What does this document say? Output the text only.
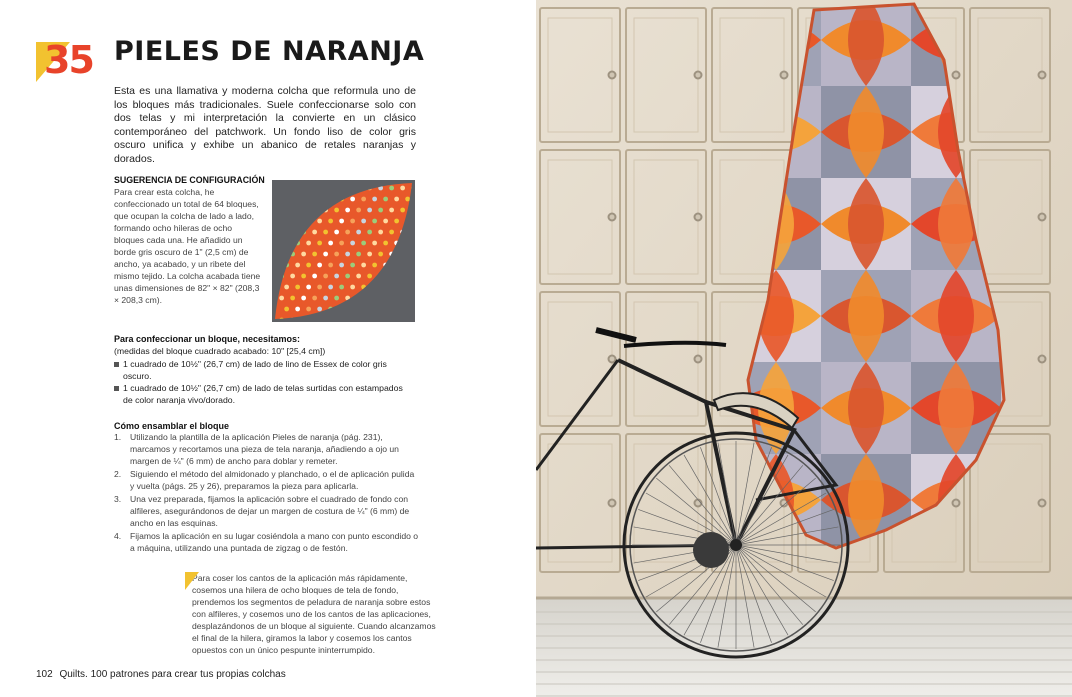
35 PIELES DE NARANJA

Esta es una llamativa y moderna colcha que reformula uno de los bloques más tradicionales. Suele confeccionarse solo con dos telas y mi interpretación la convierte en un clásico contemporáneo del patchwork. Un fondo liso de color gris oscuro unifica y exhibe un abanico de retales naranjas y dorados.

SUGERENCIA DE CONFIGURACIÓN

Para crear esta colcha, he confeccionado un total de 64 bloques, que ocupan la colcha de lado a lado, formando ocho hileras de ocho bloques cada una. He añadido un borde gris oscuro de 1" (2,5 cm) de ancho, ya acabado, y un ribete del mismo tejido. La colcha acabada tiene unas dimensiones de 82" × 82" (208,3 × 208,3 cm).

Para confeccionar un bloque, necesitamos:
(medidas del bloque cuadrado acabado: 10" [25,4 cm])
1 cuadrado de 10½" (26,7 cm) de lado de lino de Essex de color gris oscuro.
1 cuadrado de 10½" (26,7 cm) de lado de telas surtidas con estampados de color naranja vivo/dorado.
Cómo ensamblar el bloque
1. Utilizando la plantilla de la aplicación Pieles de naranja (pág. 231), marcamos y recortamos una pieza de tela naranja, añadiendo a ojo un margen de ¼" (6 mm) de ancho para doblar y remeter.
2. Siguiendo el método del almidonado y planchado, o el de aplicación pulida y vuelta (págs. 25 y 26), preparamos la pieza para aplicarla.
3. Una vez preparada, fijamos la aplicación sobre el cuadrado de fondo con alfileres, asegurándonos de dejar un margen de costura de ¼" (6 mm) de ancho en las esquinas.
4. Fijamos la aplicación en su lugar cosiéndola a mano con punto escondido o a máquina, utilizando una puntada de zigzag o de festón.

Para coser los cantos de la aplicación más rápidamente, cosemos una hilera de ocho bloques de tela de fondo, prendemos los segmentos de peladura de naranja sobre estos con alfileres, y cosemos uno de los cantos de las aplicaciones, desplazándonos de un bloque al siguiente. Cuando alcanzamos el final de la hilera, giramos la labor y cosemos los cantos opuestos con un único pespunte ininterrumpido.

102 Quilts. 100 patrones para crear tus propias colchas
